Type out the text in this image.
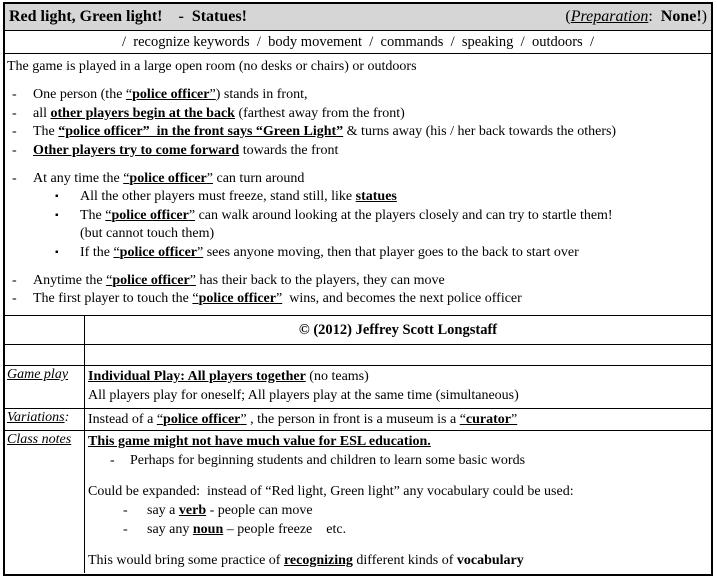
Red light, Green light!    -  Statues!	(Preparation:  None!)
/  recognize keywords  /  body movement  /  commands  /  speaking  /  outdoors  /
The game is played in a large open room (no desks or chairs) or outdoors
-	One person (the “police officer”) stands in front,
-	all other players begin at the back (farthest away from the front)
-	The “police officer”  in the front says “Green Light” & turns away (his / her back towards the others)
-	Other players try to come forward towards the front
-	At any time the “police officer” can turn around
▪	All the other players must freeze, stand still, like statues
▪	The “police officer” can walk around looking at the players closely and can try to startle them!
(but cannot touch them)
▪	If the “police officer” sees anyone moving, then that player goes to the back to start over
-	Anytime the “police officer” has their back to the players, they can move
-	The first player to touch the “police officer”  wins, and becomes the next police officer
© (2012) Jeffrey Scott Longstaff
Game play	Individual Play: All players together (no teams)
All players play for oneself; All players play at the same time (simultaneous)
Variations:	Instead of a “police officer” , the person in front is a museum is a “curator”
Class notes	This game might not have much value for ESL education.
-	Perhaps for beginning students and children to learn some basic words
Could be expanded:  instead of “Red light, Green light” any vocabulary could be used:
-	say a verb - people can move
-	say any noun – people freeze    etc.
This would bring some practice of recognizing different kinds of vocabulary
